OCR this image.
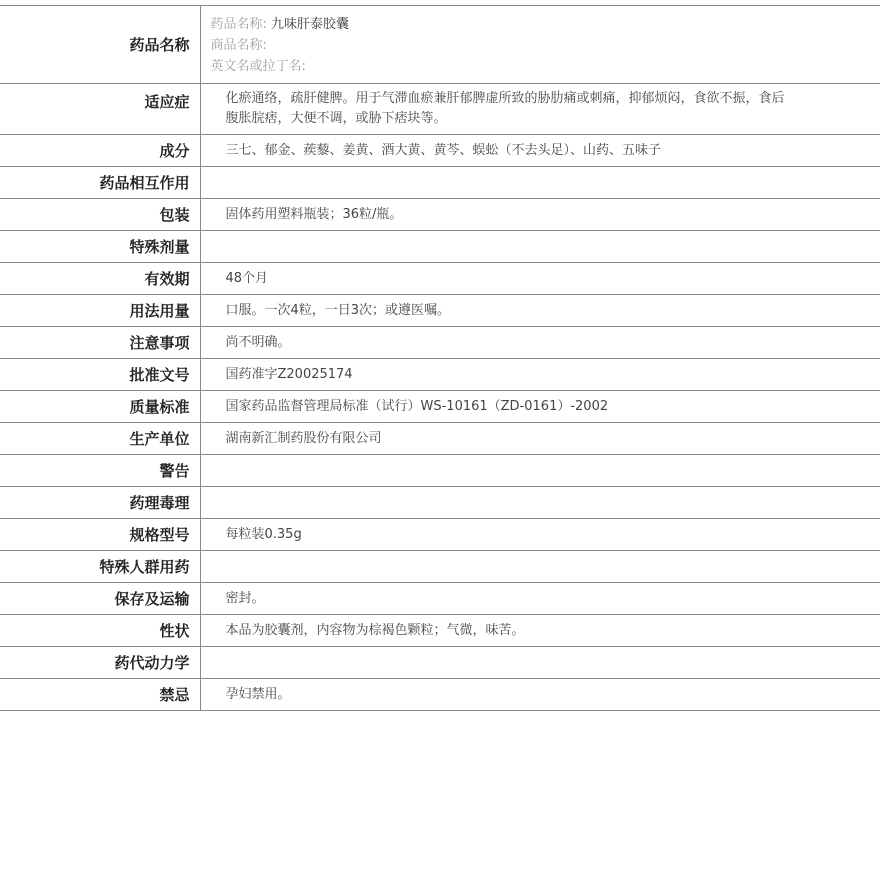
药品名称	药品名称: 九味肝泰胶囊
商品名称:
英文名或拉丁名:

适应症	化瘀通络，疏肝健脾。用于气滞血瘀兼肝郁脾虚所致的胁肋痛或刺痛，抑郁烦闷，食欲不振，食后腹胀脘痞，大便不调，或胁下痞块等。
成分	三七、郁金、蒺藜、姜黄、酒大黄、黄芩、蜈蚣（不去头足）、山药、五味子
药品相互作用	
包装	固体药用塑料瓶装；36粒/瓶。
特殊剂量	
有效期	48个月
用法用量	口服。一次4粒，一日3次；或遵医嘱。
注意事项	尚不明确。
批准文号	国药准字Z20025174
质量标准	国家药品监督管理局标准（试行）WS-10161（ZD-0161）-2002
生产单位	湖南新汇制药股份有限公司
警告	
药理毒理	
规格型号	每粒装0.35g
特殊人群用药	
保存及运输	密封。
性状	本品为胶囊剂，内容物为棕褐色颗粒；气微，味苦。
药代动力学	
禁忌	孕妇禁用。
